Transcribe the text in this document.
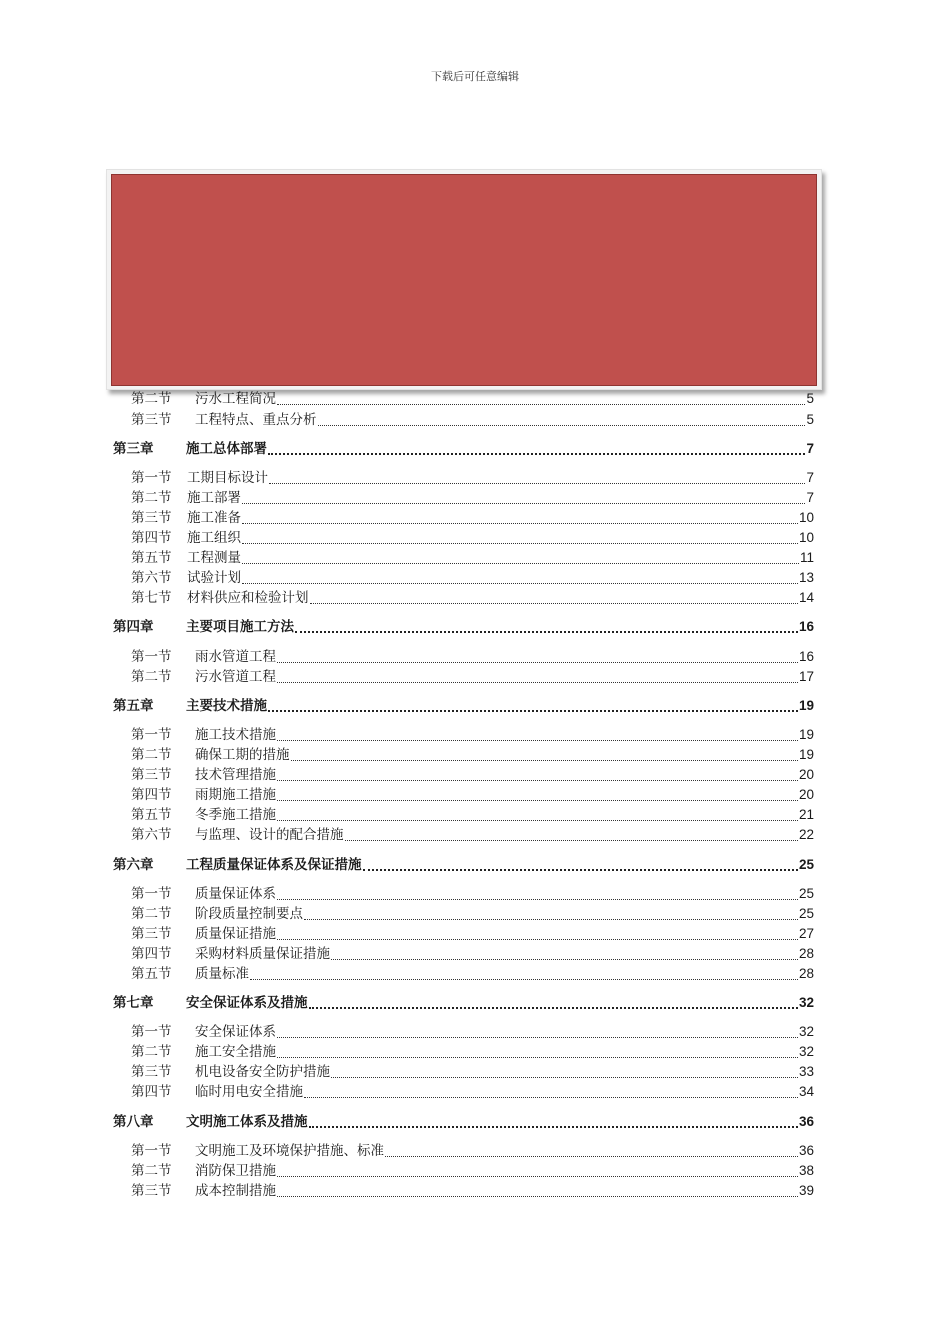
下载后可任意编辑
第二节	污水工程简况	5
第三节	工程特点、重点分析	5
第三章	施工总体部署	7
第一节	工期目标设计	7
第二节	施工部署	7
第三节	施工准备	10
第四节	施工组织	10
第五节	工程测量	11
第六节	试验计划	13
第七节	材料供应和检验计划	14
第四章	主要项目施工方法	16
第一节	雨水管道工程	16
第二节	污水管道工程	17
第五章	主要技术措施	19
第一节	施工技术措施	19
第二节	确保工期的措施	19
第三节	技术管理措施	20
第四节	雨期施工措施	20
第五节	冬季施工措施	21
第六节	与监理、设计的配合措施	22
第六章	工程质量保证体系及保证措施	25
第一节	质量保证体系	25
第二节	阶段质量控制要点	25
第三节	质量保证措施	27
第四节	采购材料质量保证措施	28
第五节	质量标准	28
第七章	安全保证体系及措施	32
第一节	安全保证体系	32
第二节	施工安全措施	32
第三节	机电设备安全防护措施	33
第四节	临时用电安全措施	34
第八章	文明施工体系及措施	36
第一节	文明施工及环境保护措施、标准	36
第二节	消防保卫措施	38
第三节	成本控制措施	39
